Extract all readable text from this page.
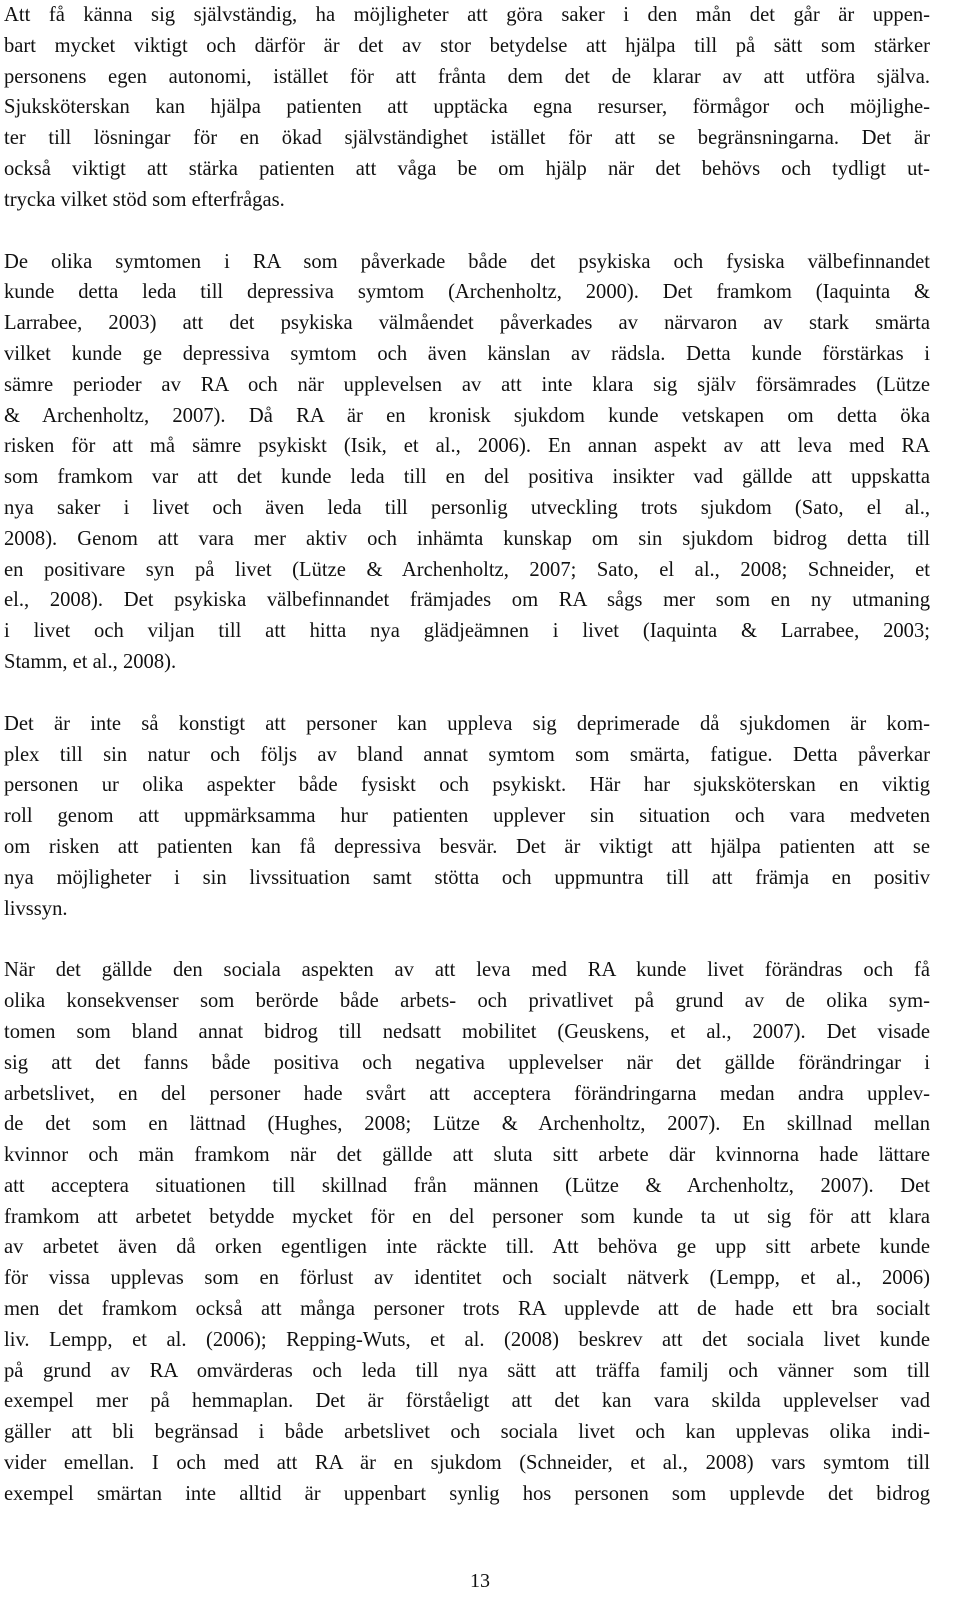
Att få känna sig självständig, ha möjligheter att göra saker i den mån det går är uppen-
bart mycket viktigt och därför är det av stor betydelse att hjälpa till på sätt som stärker
personens egen autonomi, istället för att frånta dem det de klarar av att utföra själva.
Sjuksköterskan kan hjälpa patienten att upptäcka egna resurser, förmågor och möjlighe-
ter till lösningar för en ökad självständighet istället för att se begränsningarna. Det är
också viktigt att stärka patienten att våga be om hjälp när det behövs och tydligt ut-
trycka vilket stöd som efterfrågas.

De olika symtomen i RA som påverkade både det psykiska och fysiska välbefinnandet
kunde detta leda till depressiva symtom (Archenholtz, 2000). Det framkom (Iaquinta &
Larrabee, 2003) att det psykiska välmåendet påverkades av närvaron av stark smärta
vilket kunde ge depressiva symtom och även känslan av rädsla. Detta kunde förstärkas i
sämre perioder av RA och när upplevelsen av att inte klara sig själv försämrades (Lütze
& Archenholtz, 2007). Då RA är en kronisk sjukdom kunde vetskapen om detta öka
risken för att må sämre psykiskt (Isik, et al., 2006). En annan aspekt av att leva med RA
som framkom var att det kunde leda till en del positiva insikter vad gällde att uppskatta
nya saker i livet och även leda till personlig utveckling trots sjukdom (Sato, el al.,
2008). Genom att vara mer aktiv och inhämta kunskap om sin sjukdom bidrog detta till
en positivare syn på livet (Lütze & Archenholtz, 2007; Sato, el al., 2008; Schneider, et
el., 2008). Det psykiska välbefinnandet främjades om RA sågs mer som en ny utmaning
i livet och viljan till att hitta nya glädjeämnen i livet (Iaquinta & Larrabee, 2003;
Stamm, et al., 2008).

Det är inte så konstigt att personer kan uppleva sig deprimerade då sjukdomen är kom-
plex till sin natur och följs av bland annat symtom som smärta, fatigue. Detta påverkar
personen ur olika aspekter både fysiskt och psykiskt. Här har sjuksköterskan en viktig
roll genom att uppmärksamma hur patienten upplever sin situation och vara medveten
om risken att patienten kan få depressiva besvär. Det är viktigt att hjälpa patienten att se
nya möjligheter i sin livssituation samt stötta och uppmuntra till att främja en positiv
livssyn.

När det gällde den sociala aspekten av att leva med RA kunde livet förändras och få
olika konsekvenser som berörde både arbets- och privatlivet på grund av de olika sym-
tomen som bland annat bidrog till nedsatt mobilitet (Geuskens, et al., 2007). Det visade
sig att det fanns både positiva och negativa upplevelser när det gällde förändringar i
arbetslivet, en del personer hade svårt att acceptera förändringarna medan andra upplev-
de det som en lättnad (Hughes, 2008; Lütze & Archenholtz, 2007). En skillnad mellan
kvinnor och män framkom när det gällde att sluta sitt arbete där kvinnorna hade lättare
att acceptera situationen till skillnad från männen (Lütze & Archenholtz, 2007). Det
framkom att arbetet betydde mycket för en del personer som kunde ta ut sig för att klara
av arbetet även då orken egentligen inte räckte till. Att behöva ge upp sitt arbete kunde
för vissa upplevas som en förlust av identitet och socialt nätverk (Lempp, et al., 2006)
men det framkom också att många personer trots RA upplevde att de hade ett bra socialt
liv. Lempp, et al. (2006); Repping-Wuts, et al. (2008) beskrev att det sociala livet kunde
på grund av RA omvärderas och leda till nya sätt att träffa familj och vänner som till
exempel mer på hemmaplan. Det är förståeligt att det kan vara skilda upplevelser vad
gäller att bli begränsad i både arbetslivet och sociala livet och kan upplevas olika indi-
vider emellan. I och med att RA är en sjukdom (Schneider, et al., 2008) vars symtom till
exempel smärtan inte alltid är uppenbart synlig hos personen som upplevde det bidrog

13
